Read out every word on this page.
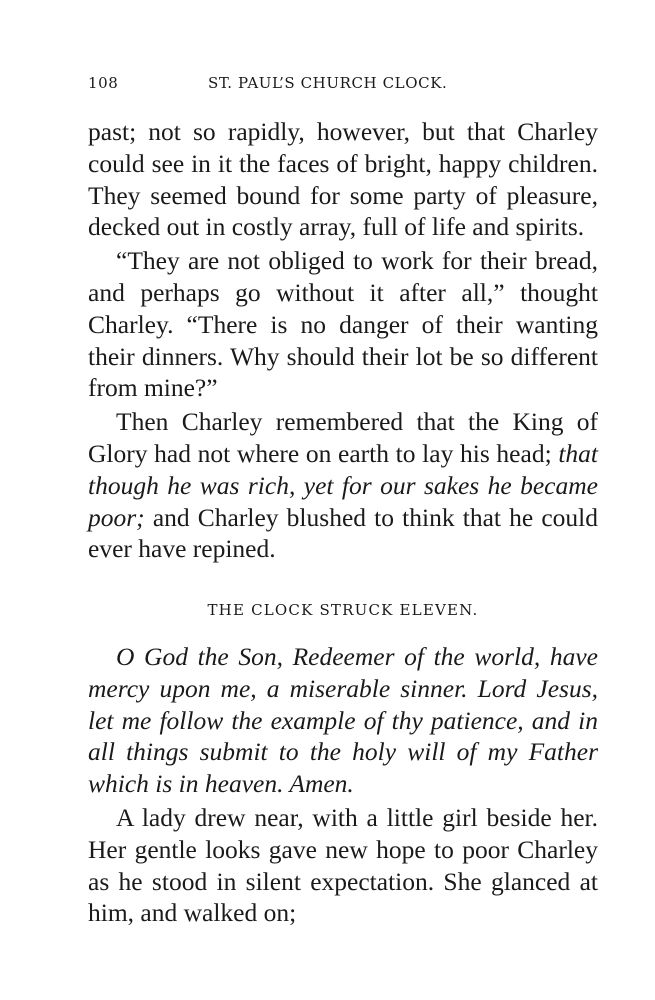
108	ST. PAUL’S CHURCH CLOCK.

past; not so rapidly, however, but that Charley could see in it the faces of bright, happy children. They seemed bound for some party of pleasure, decked out in costly array, full of life and spirits.

“They are not obliged to work for their bread, and perhaps go without it after all,” thought Charley. “There is no danger of their wanting their dinners. Why should their lot be so different from mine?”

Then Charley remembered that the King of Glory had not where on earth to lay his head; that though he was rich, yet for our sakes he became poor; and Charley blushed to think that he could ever have repined.

THE CLOCK STRUCK ELEVEN.

O God the Son, Redeemer of the world, have mercy upon me, a miserable sinner. Lord Jesus, let me follow the example of thy patience, and in all things submit to the holy will of my Father which is in heaven. Amen.

A lady drew near, with a little girl beside her. Her gentle looks gave new hope to poor Charley as he stood in silent expectation. She glanced at him, and walked on;
